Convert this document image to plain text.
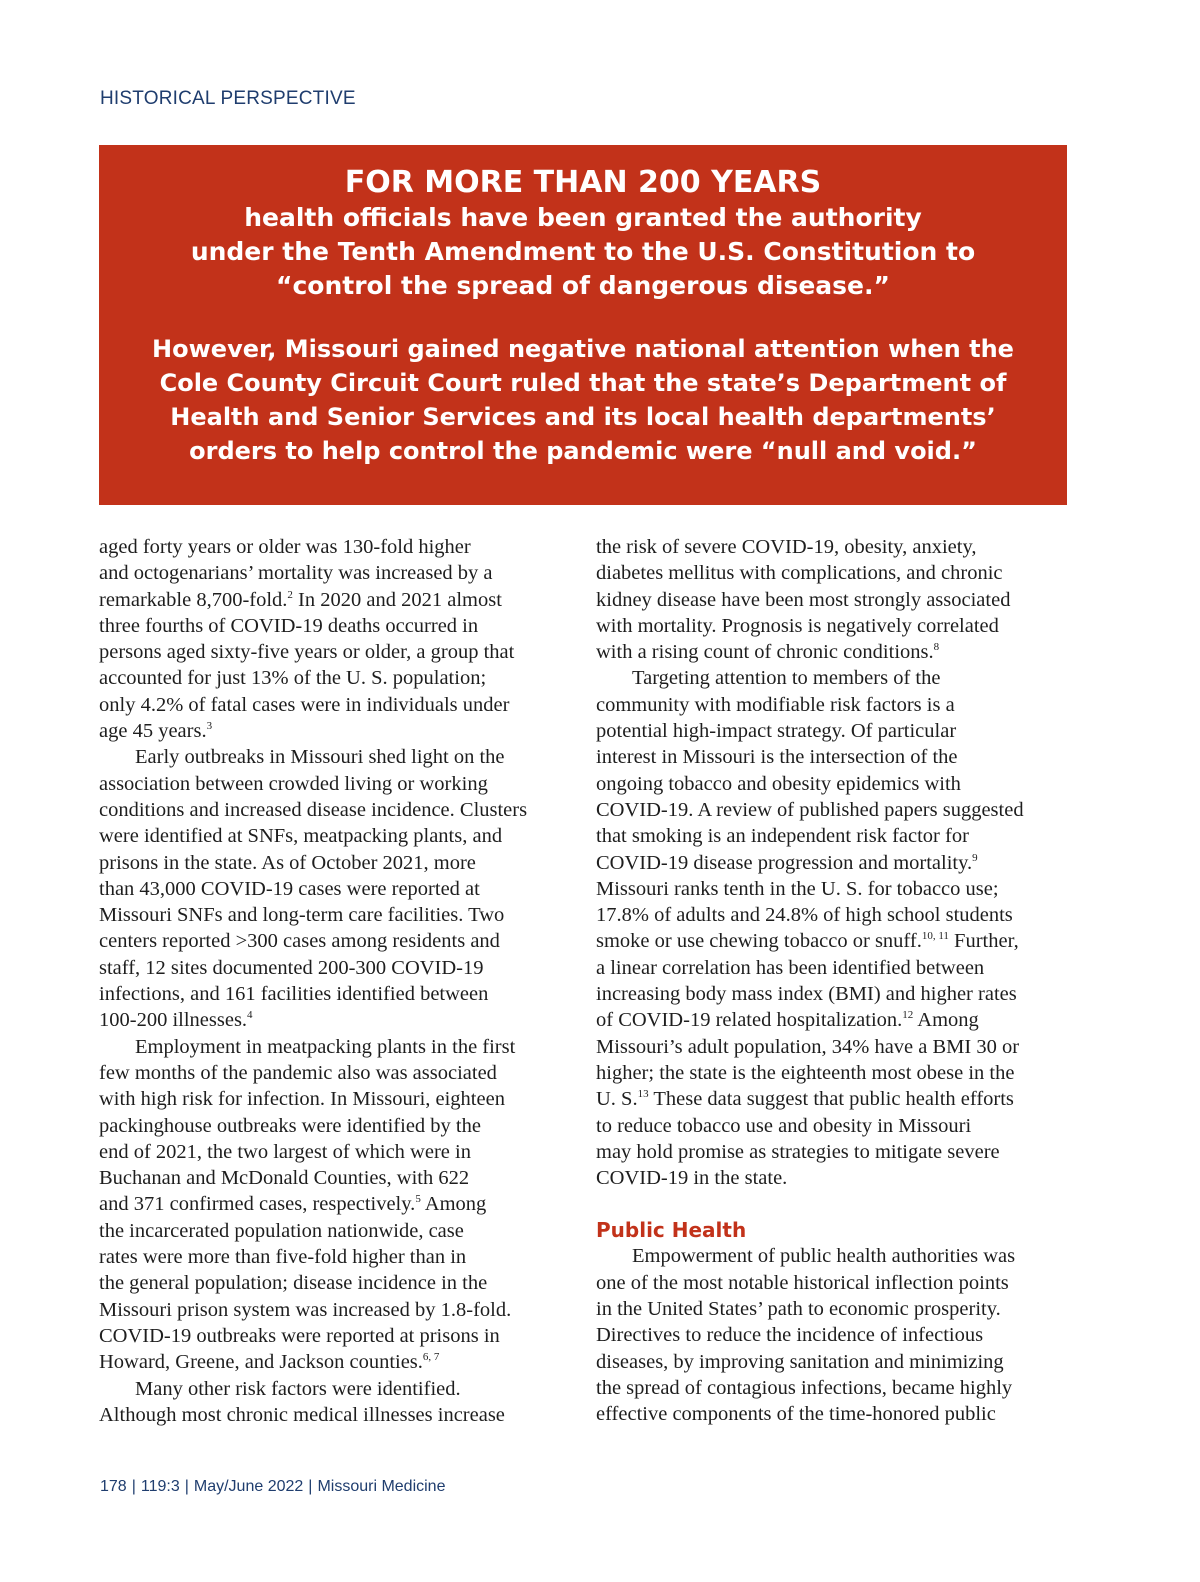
HISTORICAL PERSPECTIVE
FOR MORE THAN 200 YEARS
health officials have been granted the authority
under the Tenth Amendment to the U.S. Constitution to
“control the spread of dangerous disease.”
However, Missouri gained negative national attention when the
Cole County Circuit Court ruled that the state’s Department of
Health and Senior Services and its local health departments’
orders to help control the pandemic were “null and void.”
aged forty years or older was 130-fold higher
and octogenarians’ mortality was increased by a
remarkable 8,700-fold.$^2$ In 2020 and 2021 almost
three fourths of COVID-19 deaths occurred in
persons aged sixty-five years or older, a group that
accounted for just 13% of the U. S. population;
only 4.2% of fatal cases were in individuals under
age 45 years.$^3$
Early outbreaks in Missouri shed light on the
association between crowded living or working
conditions and increased disease incidence. Clusters
were identified at SNFs, meatpacking plants, and
prisons in the state. As of October 2021, more
than 43,000 COVID-19 cases were reported at
Missouri SNFs and long-term care facilities. Two
centers reported >300 cases among residents and
staff, 12 sites documented 200-300 COVID-19
infections, and 161 facilities identified between
100-200 illnesses.$^4$
Employment in meatpacking plants in the first
few months of the pandemic also was associated
with high risk for infection. In Missouri, eighteen
packinghouse outbreaks were identified by the
end of 2021, the two largest of which were in
Buchanan and McDonald Counties, with 622
and 371 confirmed cases, respectively.$^5$ Among
the incarcerated population nationwide, case
rates were more than five-fold higher than in
the general population; disease incidence in the
Missouri prison system was increased by 1.8-fold.
COVID-19 outbreaks were reported at prisons in
Howard, Greene, and Jackson counties.$^{6, 7}$
Many other risk factors were identified.
Although most chronic medical illnesses increase
the risk of severe COVID-19, obesity, anxiety,
diabetes mellitus with complications, and chronic
kidney disease have been most strongly associated
with mortality. Prognosis is negatively correlated
with a rising count of chronic conditions.$^8$
Targeting attention to members of the
community with modifiable risk factors is a
potential high-impact strategy. Of particular
interest in Missouri is the intersection of the
ongoing tobacco and obesity epidemics with
COVID-19. A review of published papers suggested
that smoking is an independent risk factor for
COVID-19 disease progression and mortality.$^9$
Missouri ranks tenth in the U. S. for tobacco use;
17.8% of adults and 24.8% of high school students
smoke or use chewing tobacco or snuff.$^{10, 11}$ Further,
a linear correlation has been identified between
increasing body mass index (BMI) and higher rates
of COVID-19 related hospitalization.$^{12}$ Among
Missouri’s adult population, 34% have a BMI 30 or
higher; the state is the eighteenth most obese in the
U. S.$^{13}$ These data suggest that public health efforts
to reduce tobacco use and obesity in Missouri
may hold promise as strategies to mitigate severe
COVID-19 in the state.
Public Health
Empowerment of public health authorities was
one of the most notable historical inflection points
in the United States’ path to economic prosperity.
Directives to reduce the incidence of infectious
diseases, by improving sanitation and minimizing
the spread of contagious infections, became highly
effective components of the time-honored public
178 | 119:3 | May/June 2022 | Missouri Medicine
